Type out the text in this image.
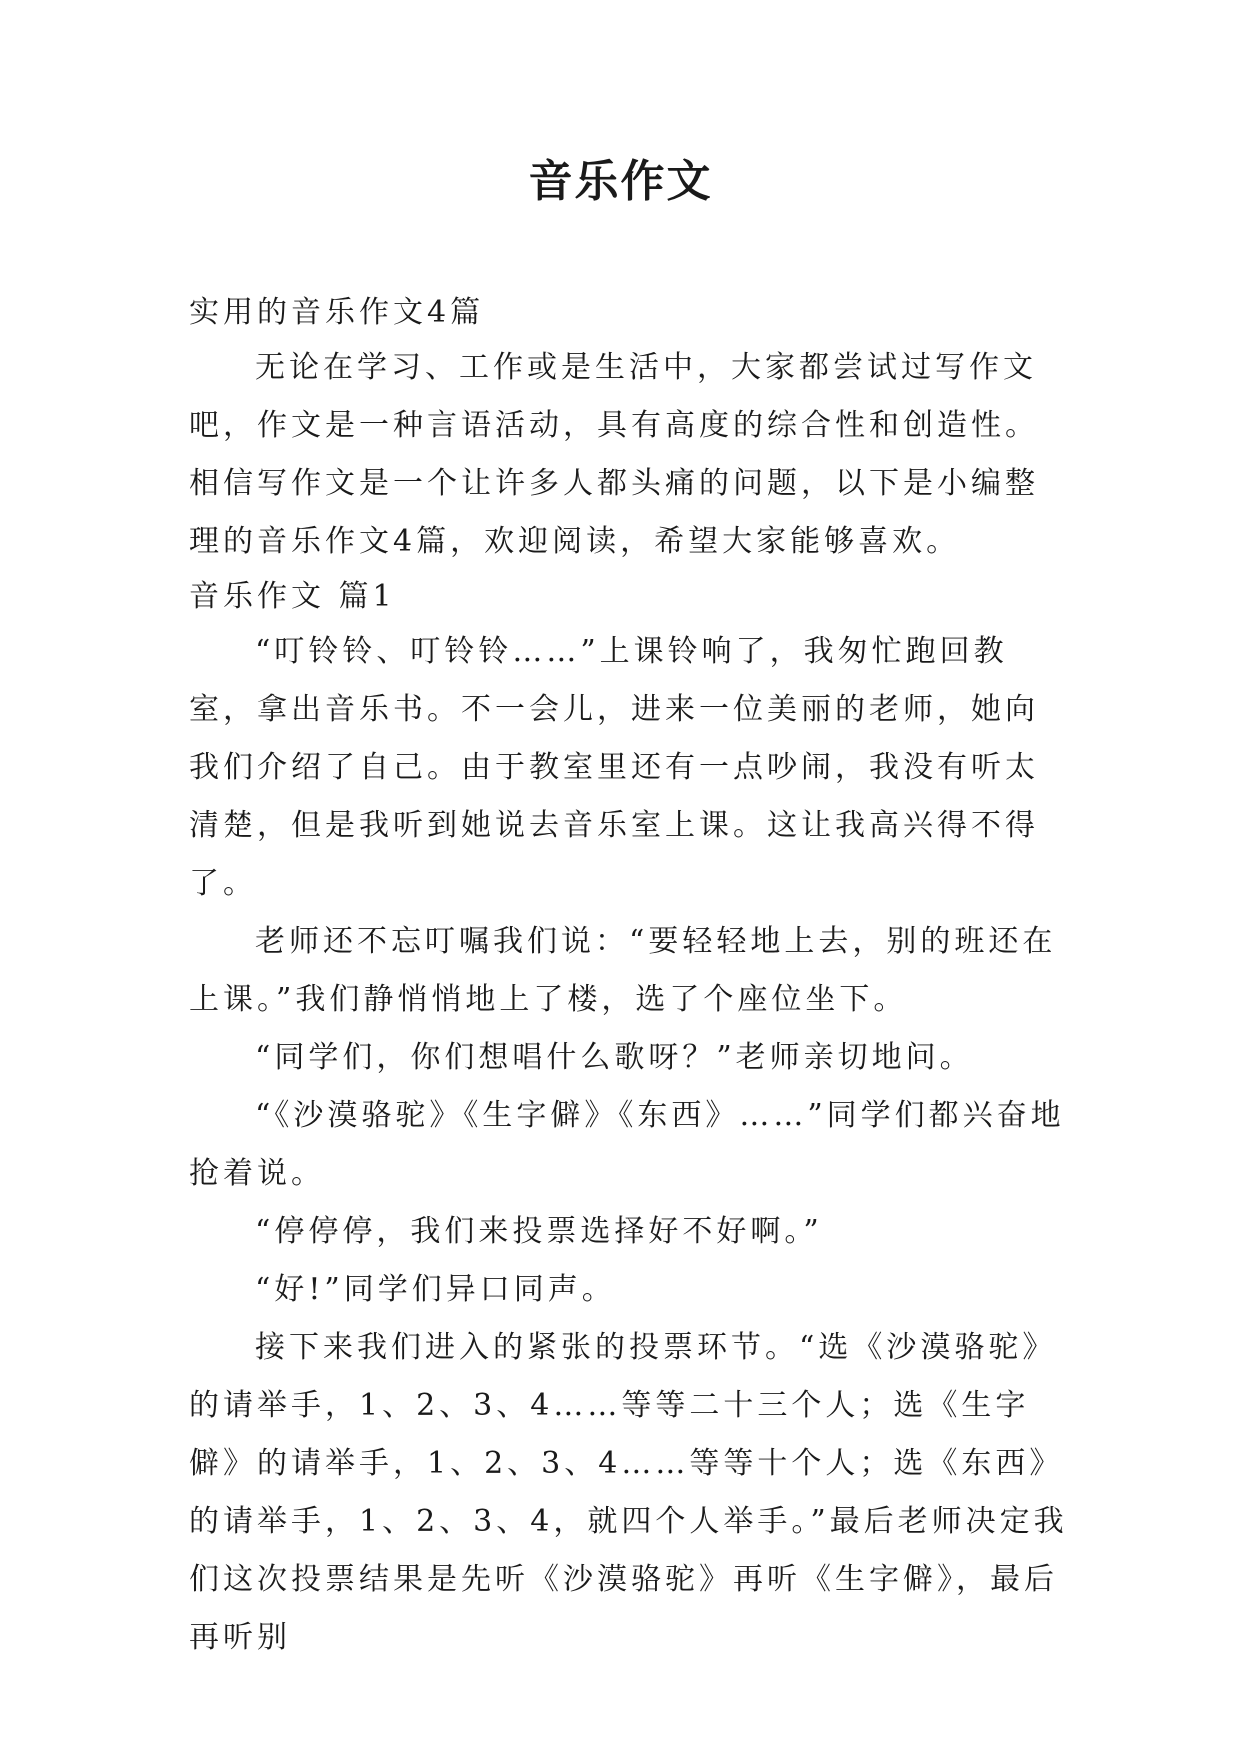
音乐作文

实用的音乐作文4篇

无论在学习、工作或是生活中，大家都尝试过写作文吧，作文是一种言语活动，具有高度的综合性和创造性。相信写作文是一个让许多人都头痛的问题，以下是小编整理的音乐作文4篇，欢迎阅读，希望大家能够喜欢。

音乐作文 篇1

“叮铃铃、叮铃铃……”上课铃响了，我匆忙跑回教室，拿出音乐书。不一会儿，进来一位美丽的老师，她向我们介绍了自己。由于教室里还有一点吵闹，我没有听太清楚，但是我听到她说去音乐室上课。这让我高兴得不得了。

老师还不忘叮嘱我们说：“要轻轻地上去，别的班还在上课。”我们静悄悄地上了楼，选了个座位坐下。

“同学们，你们想唱什么歌呀？”老师亲切地问。

“《沙漠骆驼》《生字僻》《东西》……”同学们都兴奋地抢着说。

“停停停，我们来投票选择好不好啊。”

“好!”同学们异口同声。

接下来我们进入的紧张的投票环节。“选《沙漠骆驼》的请举手，1、2、3、4……等等二十三个人；选《生字僻》的请举手，1、2、3、4……等等十个人；选《东西》的请举手，1、2、3、4，就四个人举手。”最后老师决定我们这次投票结果是先听《沙漠骆驼》再听《生字僻》，最后再听别
